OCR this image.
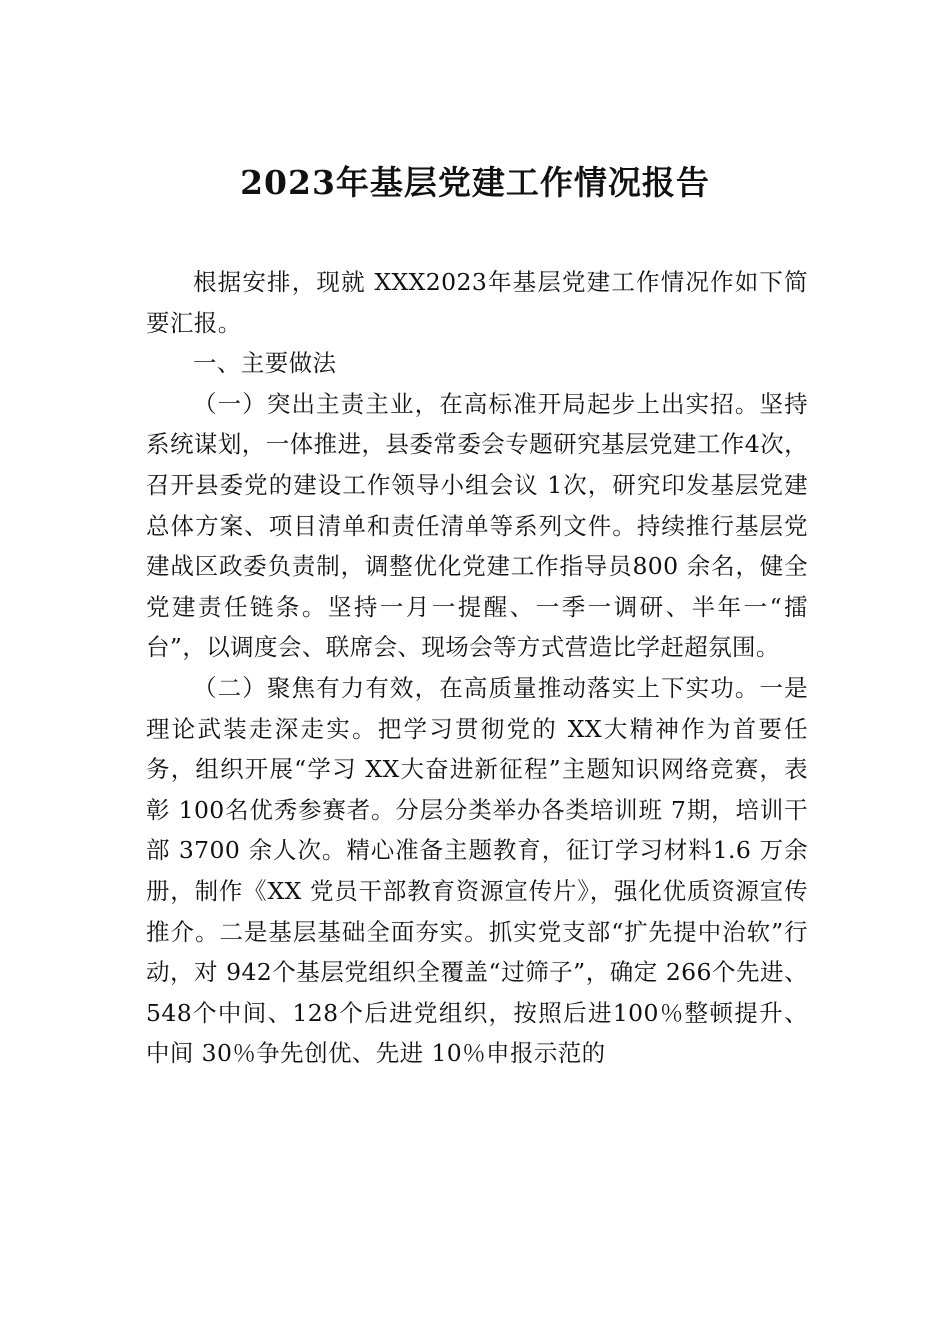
2023年基层党建工作情况报告

根据安排，现就 XXX2023年基层党建工作情况作如下简要汇报。

一、主要做法

（一）突出主责主业，在高标准开局起步上出实招。坚持系统谋划，一体推进，县委常委会专题研究基层党建工作4次，召开县委党的建设工作领导小组会议 1次，研究印发基层党建总体方案、项目清单和责任清单等系列文件。持续推行基层党建战区政委负责制，调整优化党建工作指导员800 余名，健全党建责任链条。坚持一月一提醒、一季一调研、半年一“擂台”，以调度会、联席会、现场会等方式营造比学赶超氛围。

（二）聚焦有力有效，在高质量推动落实上下实功。一是理论武装走深走实。把学习贯彻党的 XX大精神作为首要任务，组织开展“学习 XX大奋进新征程”主题知识网络竞赛，表彰 100名优秀参赛者。分层分类举办各类培训班 7期，培训干部 3700 余人次。精心准备主题教育，征订学习材料1.6 万余册，制作《XX 党员干部教育资源宣传片》，强化优质资源宣传推介。二是基层基础全面夯实。抓实党支部“扩先提中治软”行动，对 942个基层党组织全覆盖“过筛子”，确定 266个先进、548个中间、128个后进党组织，按照后进100％整顿提升、中间 30％争先创优、先进 10％申报示范的
